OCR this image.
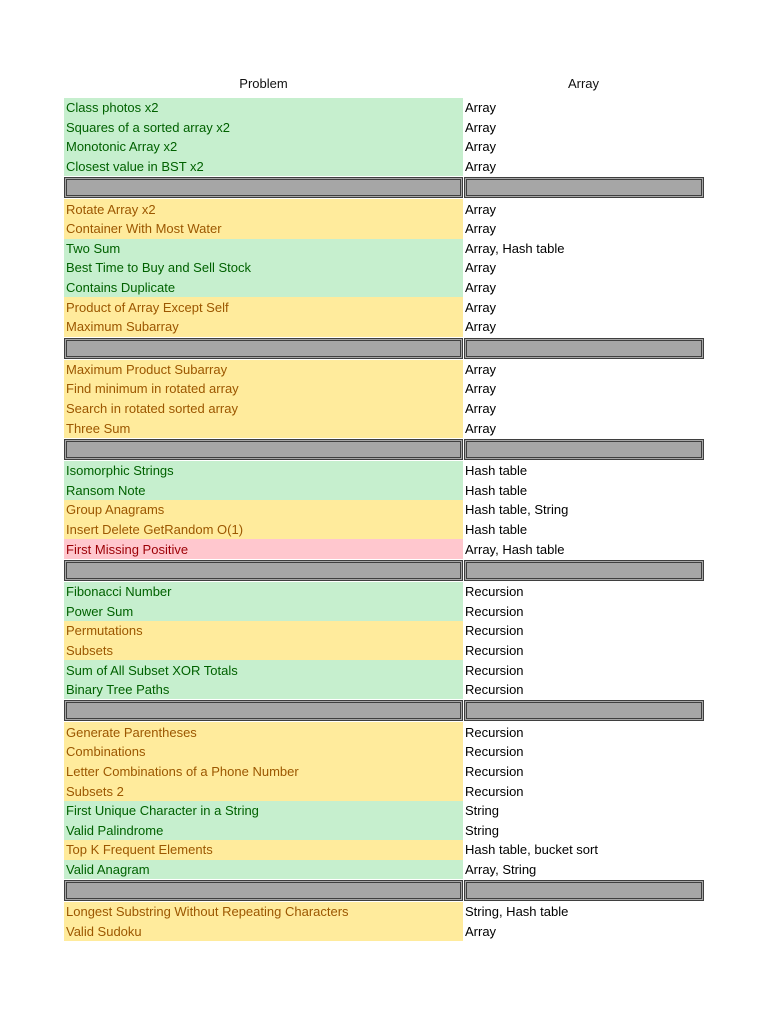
Problem	Array
Class photos x2	Array
Squares of a sorted array x2	Array
Monotonic Array x2	Array
Closest value in BST x2	Array
Rotate Array x2	Array
Container With Most Water	Array
Two Sum	Array, Hash table
Best Time to Buy and Sell Stock	Array
Contains Duplicate	Array
Product of Array Except Self	Array
Maximum Subarray	Array
Maximum Product Subarray	Array
Find minimum in rotated array	Array
Search in rotated sorted array	Array
Three Sum	Array
Isomorphic Strings	Hash table
Ransom Note	Hash table
Group Anagrams	Hash table, String
Insert Delete GetRandom O(1)	Hash table
First Missing Positive	Array, Hash table
Fibonacci Number	Recursion
Power Sum	Recursion
Permutations	Recursion
Subsets	Recursion
Sum of All Subset XOR Totals	Recursion
Binary Tree Paths	Recursion
Generate Parentheses	Recursion
Combinations	Recursion
Letter Combinations of a Phone Number	Recursion
Subsets 2	Recursion
First Unique Character in a String	String
Valid Palindrome	String
Top K Frequent Elements	Hash table, bucket sort
Valid Anagram	Array, String
Longest Substring Without Repeating Characters	String, Hash table
Valid Sudoku	Array
